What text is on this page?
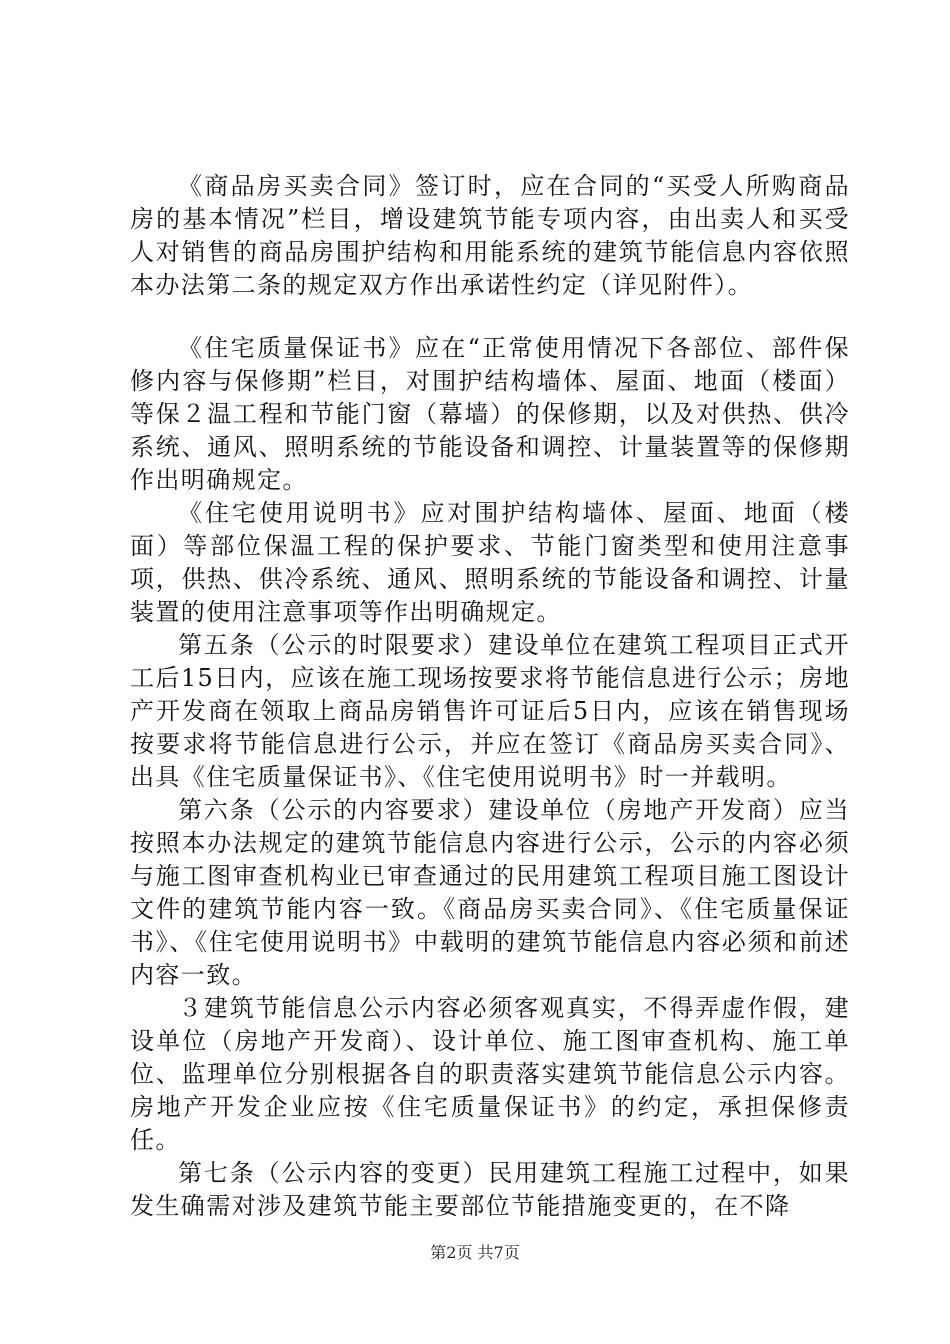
《商品房买卖合同》签订时，应在合同的“买受人所购商品房的基本情况”栏目，增设建筑节能专项内容，由出卖人和买受人对销售的商品房围护结构和用能系统的建筑节能信息内容依照本办法第二条的规定双方作出承诺性约定（详见附件）。

《住宅质量保证书》应在“正常使用情况下各部位、部件保修内容与保修期”栏目，对围护结构墙体、屋面、地面（楼面）等保２温工程和节能门窗（幕墙）的保修期，以及对供热、供冷系统、通风、照明系统的节能设备和调控、计量装置等的保修期作出明确规定。

《住宅使用说明书》应对围护结构墙体、屋面、地面（楼面）等部位保温工程的保护要求、节能门窗类型和使用注意事项，供热、供冷系统、通风、照明系统的节能设备和调控、计量装置的使用注意事项等作出明确规定。

第五条（公示的时限要求）建设单位在建筑工程项目正式开工后15日内，应该在施工现场按要求将节能信息进行公示；房地产开发商在领取上商品房销售许可证后5日内，应该在销售现场按要求将节能信息进行公示，并应在签订《商品房买卖合同》、出具《住宅质量保证书》、《住宅使用说明书》时一并载明。

第六条（公示的内容要求）建设单位（房地产开发商）应当按照本办法规定的建筑节能信息内容进行公示，公示的内容必须与施工图审查机构业已审查通过的民用建筑工程项目施工图设计文件的建筑节能内容一致。《商品房买卖合同》、《住宅质量保证书》、《住宅使用说明书》中载明的建筑节能信息内容必须和前述内容一致。

３建筑节能信息公示内容必须客观真实，不得弄虚作假，建设单位（房地产开发商）、设计单位、施工图审查机构、施工单位、监理单位分别根据各自的职责落实建筑节能信息公示内容。房地产开发企业应按《住宅质量保证书》的约定，承担保修责任。

第七条（公示内容的变更）民用建筑工程施工过程中，如果发生确需对涉及建筑节能主要部位节能措施变更的，在不降

第2页 共7页
